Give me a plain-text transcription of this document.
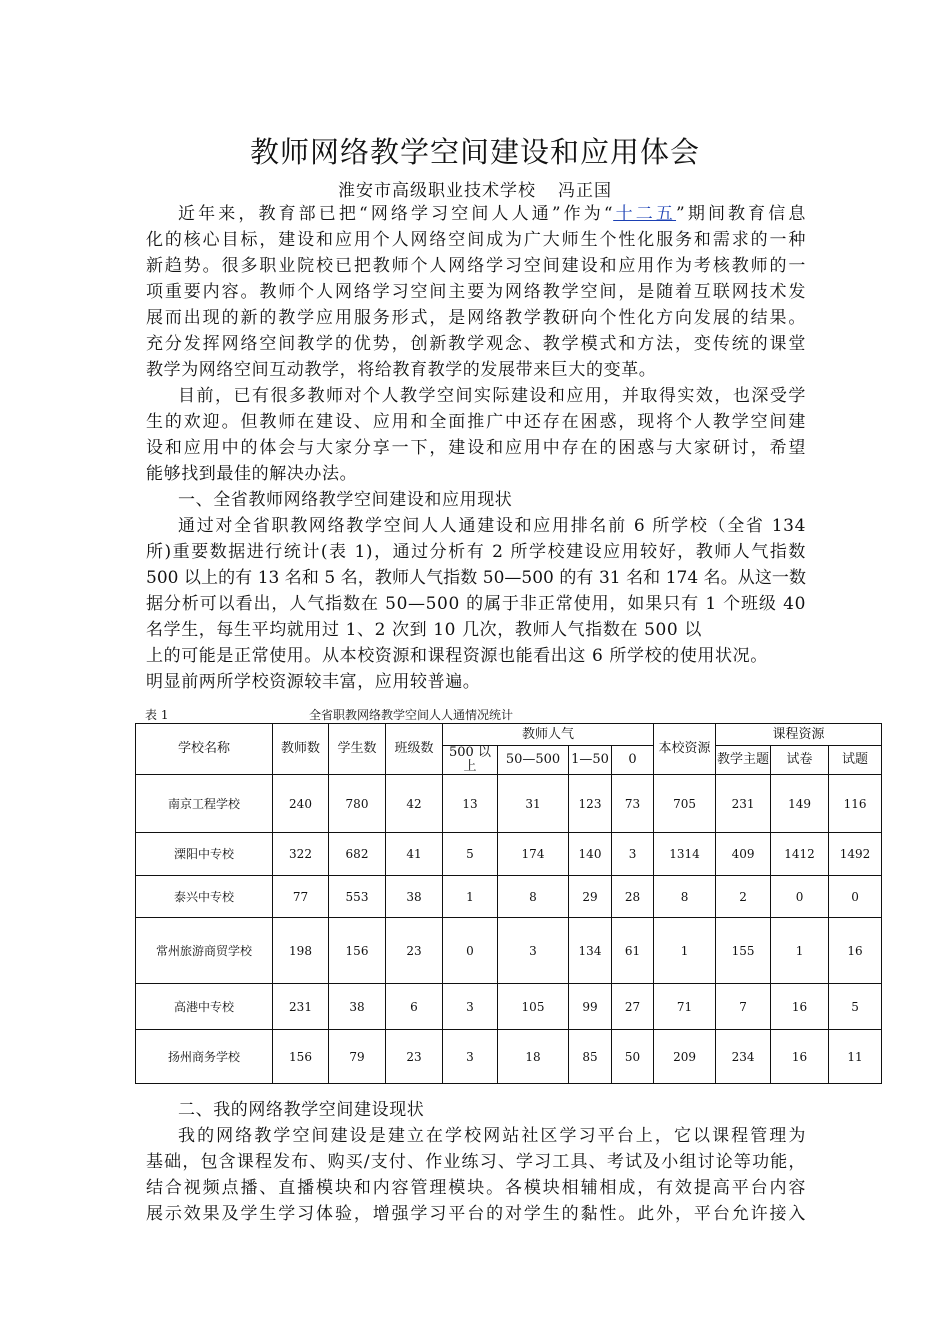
教师网络教学空间建设和应用体会
淮安市高级职业技术学校 冯正国
近年来，教育部已把“网络学习空间人人通”作为“十二五”期间教育信息
化的核心目标，建设和应用个人网络空间成为广大师生个性化服务和需求的一种
新趋势。很多职业院校已把教师个人网络学习空间建设和应用作为考核教师的一
项重要内容。教师个人网络学习空间主要为网络教学空间，是随着互联网技术发
展而出现的新的教学应用服务形式，是网络教学教研向个性化方向发展的结果。
充分发挥网络空间教学的优势，创新教学观念、教学模式和方法，变传统的课堂
教学为网络空间互动教学，将给教育教学的发展带来巨大的变革。
目前，已有很多教师对个人教学空间实际建设和应用，并取得实效，也深受学
生的欢迎。但教师在建设、应用和全面推广中还存在困惑，现将个人教学空间建
设和应用中的体会与大家分享一下，建设和应用中存在的困惑与大家研讨，希望
能够找到最佳的解决办法。
一、全省教师网络教学空间建设和应用现状
通过对全省职教网络教学空间人人通建设和应用排名前 6 所学校（全省 134
所)重要数据进行统计(表 1)，通过分析有 2 所学校建设应用较好，教师人气指数
500 以上的有 13 名和 5 名，教师人气指数 50—500 的有 31 名和 174 名。从这一数
据分析可以看出，人气指数在 50—500 的属于非正常使用，如果只有 1 个班级 40
名学生，每生平均就用过 1、2 次到 10 几次，教师人气指数在 500 以
上的可能是正常使用。从本校资源和课程资源也能看出这 6 所学校的使用状况。
明显前两所学校资源较丰富，应用较普遍。
表 1	全省职教网络教学空间人人通情况统计
学校名称	教师数	学生数	班级数	教师人气				本校资源	课程资源		
				500 以上	50—500	1—50	0		教学主题	试卷	试题
南京工程学校	240	780	42	13	31	123	73	705	231	149	116
溧阳中专校	322	682	41	5	174	140	3	1314	409	1412	1492
泰兴中专校	77	553	38	1	8	29	28	8	2	0	0
常州旅游商贸学校	198	156	23	0	3	134	61	1	155	1	16
高港中专校	231	38	6	3	105	99	27	71	7	16	5
扬州商务学校	156	79	23	3	18	85	50	209	234	16	11
二、我的网络教学空间建设现状
我的网络教学空间建设是建立在学校网站社区学习平台上，它以课程管理为
基础，包含课程发布、购买/支付、作业练习、学习工具、考试及小组讨论等功能，
结合视频点播、直播模块和内容管理模块。各模块相辅相成，有效提高平台内容
展示效果及学生学习体验，增强学习平台的对学生的黏性。此外，平台允许接入
